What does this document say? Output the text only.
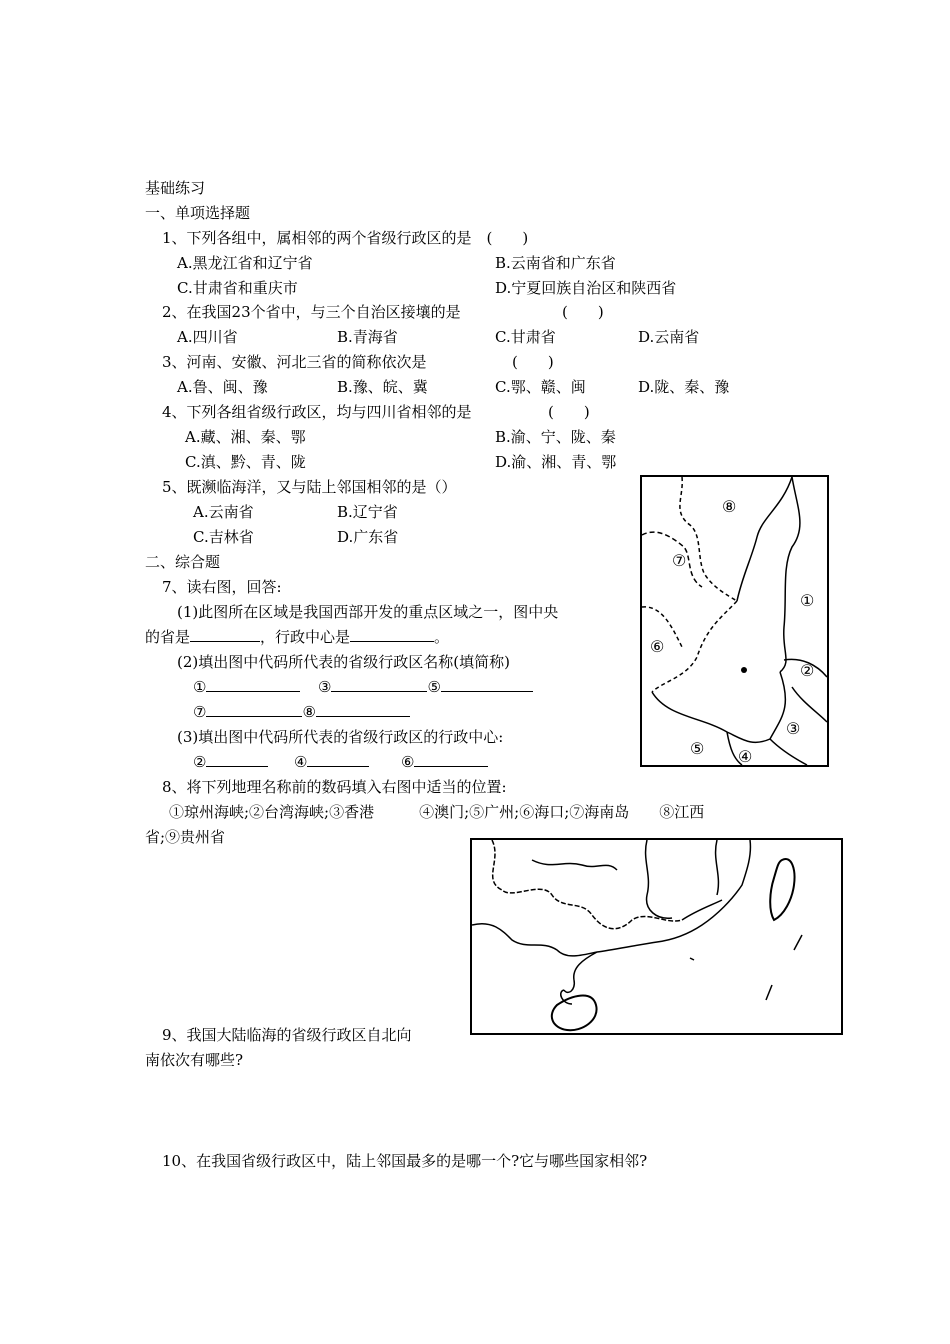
基础练习
一、单项选择题
1、下列各组中，属相邻的两个省级行政区的是　(　　)
A.黑龙江省和辽宁省	B.云南省和广东省
C.甘肃省和重庆市	D.宁夏回族自治区和陕西省
2、在我国23个省中，与三个自治区接壤的是	(　　)
A.四川省	B.青海省	C.甘肃省	D.云南省
3、河南、安徽、河北三省的简称依次是	(　　)
A.鲁、闽、豫	B.豫、皖、冀	C.鄂、赣、闽	D.陇、秦、豫
4、下列各组省级行政区，均与四川省相邻的是	(　　)
A.藏、湘、秦、鄂	B.渝、宁、陇、秦
C.滇、黔、青、陇	D.渝、湘、青、鄂
5、既濒临海洋，又与陆上邻国相邻的是（）
A.云南省	B.辽宁省
C.吉林省	D.广东省
二、综合题
7、读右图，回答:
(1)此图所在区域是我国西部开发的重点区域之一，图中央
的省是	，行政中心是	。
(2)填出图中代码所代表的省级行政区名称(填简称)
①	③	⑤
⑦	⑧
(3)填出图中代码所代表的省级行政区的行政中心:
②	④	⑥
8、将下列地理名称前的数码填入右图中适当的位置:
①琼州海峡;②台湾海峡;③香港　　　④澳门;⑤广州;⑥海口;⑦海南岛　　⑧江西
省;⑨贵州省
9、我国大陆临海的省级行政区自北向
南依次有哪些?
10、在我国省级行政区中，陆上邻国最多的是哪一个?它与哪些国家相邻?
⑧
⑦
①
⑥
②
③
⑤ ④
